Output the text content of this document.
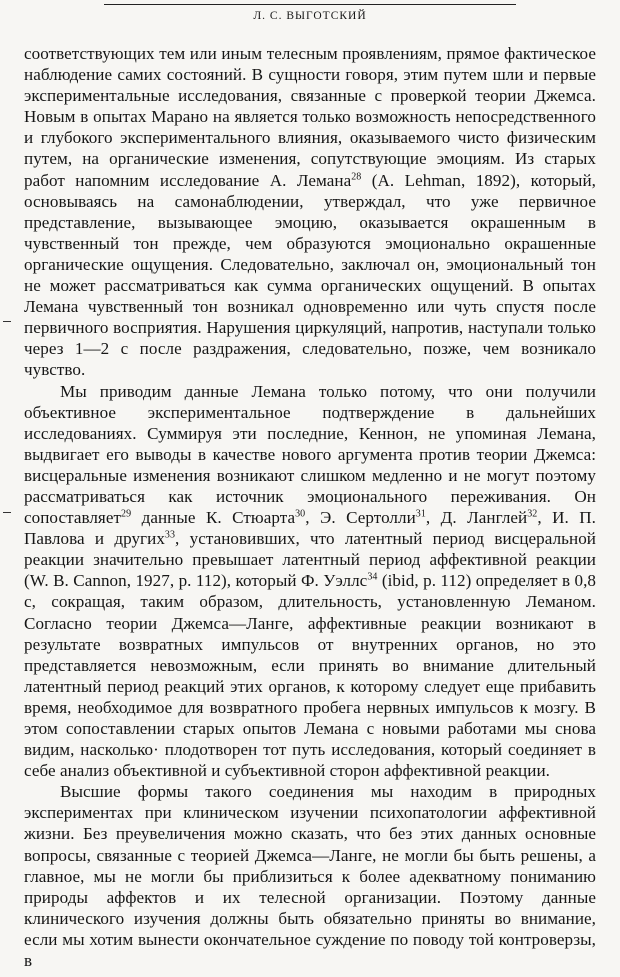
Л. С. ВЫГОТСКИЙ

соответствующих тем или иным телесным проявлениям, прямое фактическое наблюдение самих состояний. В сущности говоря, этим путем шли и первые экспериментальные исследования, связанные с проверкой теории Джемса. Новым в опытах Марано на является только возможность непосредственного и глубокого экспериментального влияния, оказываемого чисто физическим путем, на органические изменения, сопутствующие эмоциям. Из старых работ напомним исследование А. Лемана$^{28}$ (A. Lehman, 1892), который, основываясь на самонаблюдении, утверждал, что уже первичное представление, вызывающее эмоцию, оказывается окрашенным в чувственный тон прежде, чем образуются эмоционально окрашенные органические ощущения. Следовательно, заключал он, эмоциональный тон не может рассматриваться как сумма органических ощущений. В опытах Лемана чувственный тон возникал одновременно или чуть спустя после первичного восприятия. Нарушения циркуляций, напротив, наступали только через 1—2 с после раздражения, следовательно, позже, чем возникало чувство.

Мы приводим данные Лемана только потому, что они получили объективное экспериментальное подтверждение в дальнейших исследованиях. Суммируя эти последние, Кеннон, не упоминая Лемана, выдвигает его выводы в качестве нового аргумента против теории Джемса: висцеральные изменения возникают слишком медленно и не могут поэтому рассматриваться как источник эмоционального переживания. Он сопоставляет$^{29}$ данные К. Стюарта$^{30}$, Э. Сертолли$^{31}$, Д. Ланглей$^{32}$, И. П. Павлова и других$^{33}$, установивших, что латентный период висцеральной реакции значительно превышает латентный период аффективной реакции (W. B. Cannon, 1927, p. 112), который Ф. Уэллс$^{34}$ (ibid, p. 112) определяет в 0,8 с, сокращая, таким образом, длительность, установленную Леманом. Согласно теории Джемса—Ланге, аффективные реакции возникают в результате возвратных импульсов от внутренних органов, но это представляется невозможным, если принять во внимание длительный латентный период реакций этих органов, к которому следует еще прибавить время, необходимое для возвратного пробега нервных импульсов к мозгу. В этом сопоставлении старых опытов Лемана с новыми работами мы снова видим, насколько· плодотворен тот путь исследования, который соединяет в себе анализ объективной и субъективной сторон аффективной реакции.

Высшие формы такого соединения мы находим в природных экспериментах при клиническом изучении психопатологии аффективной жизни. Без преувеличения можно сказать, что без этих данных основные вопросы, связанные с теорией Джемса—Ланге, не могли бы быть решены, а главное, мы не могли бы приблизиться к более адекватному пониманию природы аффектов и их телесной организации. Поэтому данные клинического изучения должны быть обязательно приняты во внимание, если мы хотим вынести окончательное суждение по поводу той контроверзы, в
